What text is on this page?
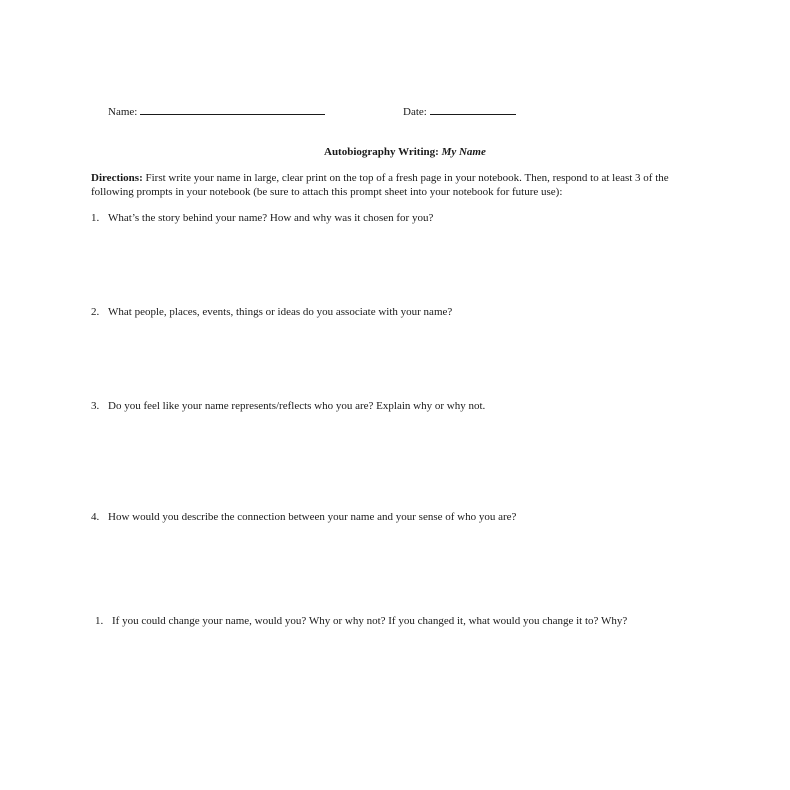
Name:	Date:
Autobiography Writing: My Name
Directions: First write your name in large, clear print on the top of a fresh page in your notebook. Then, respond to at least 3 of the following prompts in your notebook (be sure to attach this prompt sheet into your notebook for future use):
1. What’s the story behind your name? How and why was it chosen for you?
2. What people, places, events, things or ideas do you associate with your name?
3. Do you feel like your name represents/reflects who you are? Explain why or why not.
4. How would you describe the connection between your name and your sense of who you are?
1. If you could change your name, would you? Why or why not? If you changed it, what would you change it to? Why?
